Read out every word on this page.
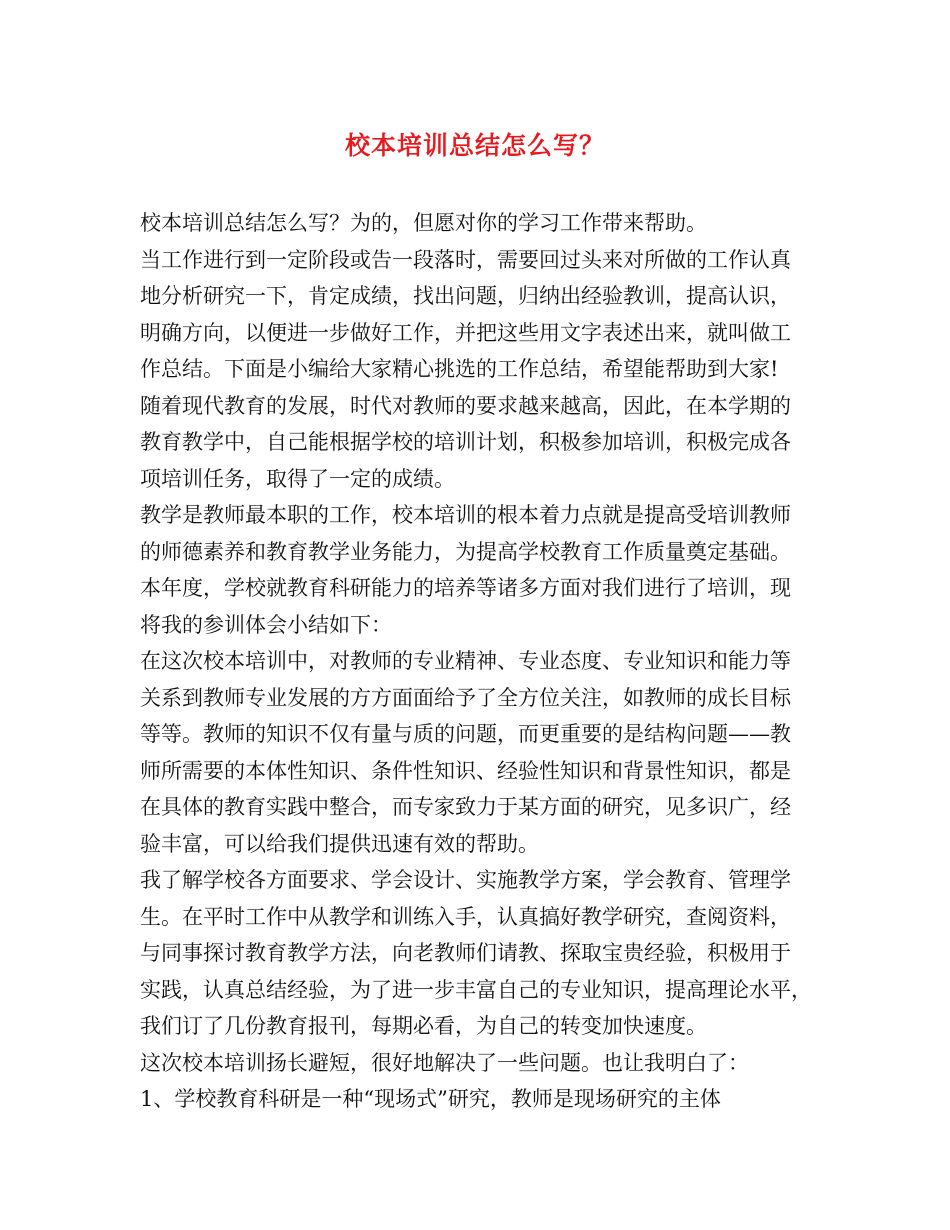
校本培训总结怎么写？
校本培训总结怎么写？为的，但愿对你的学习工作带来帮助。
当工作进行到一定阶段或告一段落时，需要回过头来对所做的工作认真
地分析研究一下，肯定成绩，找出问题，归纳出经验教训，提高认识，
明确方向，以便进一步做好工作，并把这些用文字表述出来，就叫做工
作总结。下面是小编给大家精心挑选的工作总结，希望能帮助到大家!
随着现代教育的发展，时代对教师的要求越来越高，因此，在本学期的
教育教学中，自己能根据学校的培训计划，积极参加培训，积极完成各
项培训任务，取得了一定的成绩。
教学是教师最本职的工作，校本培训的根本着力点就是提高受培训教师
的师德素养和教育教学业务能力，为提高学校教育工作质量奠定基础。
本年度，学校就教育科研能力的培养等诸多方面对我们进行了培训，现
将我的参训体会小结如下：
在这次校本培训中，对教师的专业精神、专业态度、专业知识和能力等
关系到教师专业发展的方方面面给予了全方位关注，如教师的成长目标
等等。教师的知识不仅有量与质的问题，而更重要的是结构问题——教
师所需要的本体性知识、条件性知识、经验性知识和背景性知识，都是
在具体的教育实践中整合，而专家致力于某方面的研究，见多识广，经
验丰富，可以给我们提供迅速有效的帮助。
我了解学校各方面要求、学会设计、实施教学方案，学会教育、管理学
生。在平时工作中从教学和训练入手，认真搞好教学研究，查阅资料，
与同事探讨教育教学方法，向老教师们请教、探取宝贵经验，积极用于
实践，认真总结经验，为了进一步丰富自己的专业知识，提高理论水平，
我们订了几份教育报刊，每期必看，为自己的转变加快速度。
这次校本培训扬长避短，很好地解决了一些问题。也让我明白了：
1、学校教育科研是一种“现场式”研究，教师是现场研究的主体
